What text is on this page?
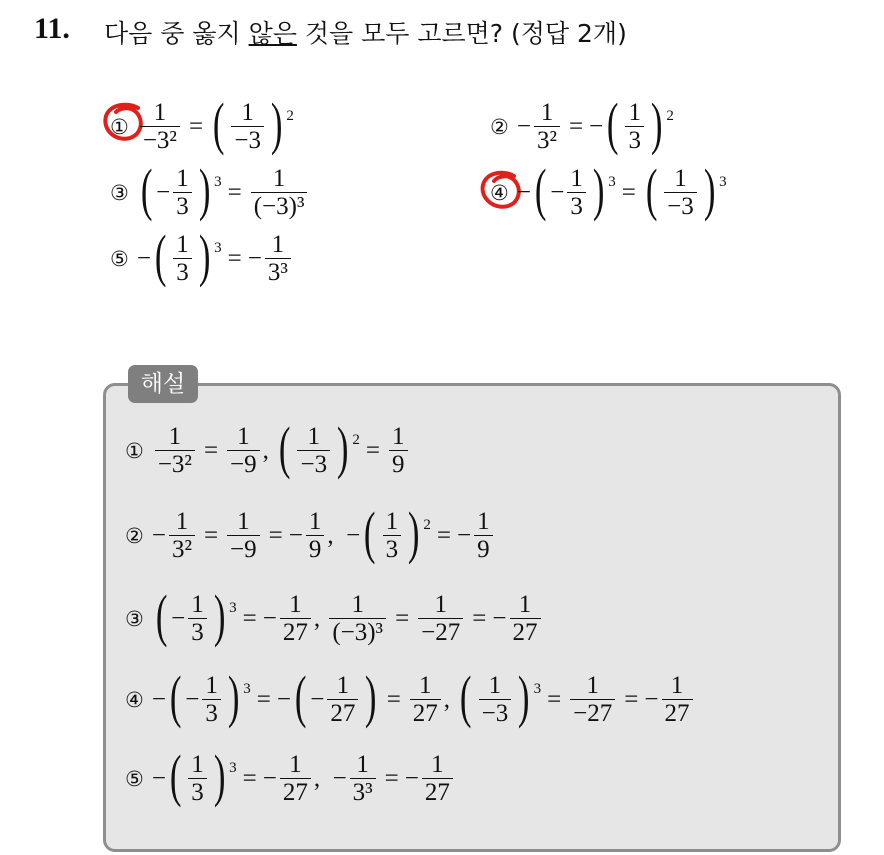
11. 다음 중 옳지 않은 것을 모두 고르면? (정답 2개)
① $\frac{1}{\text{−3²}}$ = ( $\frac{1}{-3}$ ) 2	② − $\frac{1}{\text{3²}}$ = − ( $\frac{1}{3}$ ) 2
③ ( − $\frac{1}{3}$ ) $3 = \frac{1}{\text{(−3)³}}$	④ − ( − $\frac{1}{3}$ ) 3 = ( $\frac{1}{-3}$ ) 3
⑤ − ( $\frac{1}{3}$ ) 3 = − $\frac{1}{\text{3³}}$
해설
① $\frac{1}{\text{−3²}} = \frac{1}{-9}$ , ( $\frac{1}{-3}$ ) $2 = \frac{1}{9}$
② − $\frac{1}{\text{3²}} = \frac{1}{-9}$ = − $\frac{1}{9}$ , − ( $\frac{1}{3}$ ) 2 = − $\frac{1}{9}$
③ ( − $\frac{1}{3}$ ) 3 = − $\frac{1}{27}$ , $\frac{1}{\text{(−3)³}} = \frac{1}{-27}$ = − $\frac{1}{27}$
④ − ( − $\frac{1}{3}$ ) 3 = − ( − $\frac{1}{27}$ ) = $\frac{1}{27}$ , ( $\frac{1}{-3}$ ) $3 = \frac{1}{-27}$ = − $\frac{1}{27}$
⑤ − ( $\frac{1}{3}$ ) 3 = − $\frac{1}{27}$ , − $\frac{1}{\text{3³}}$ = − $\frac{1}{27}$
